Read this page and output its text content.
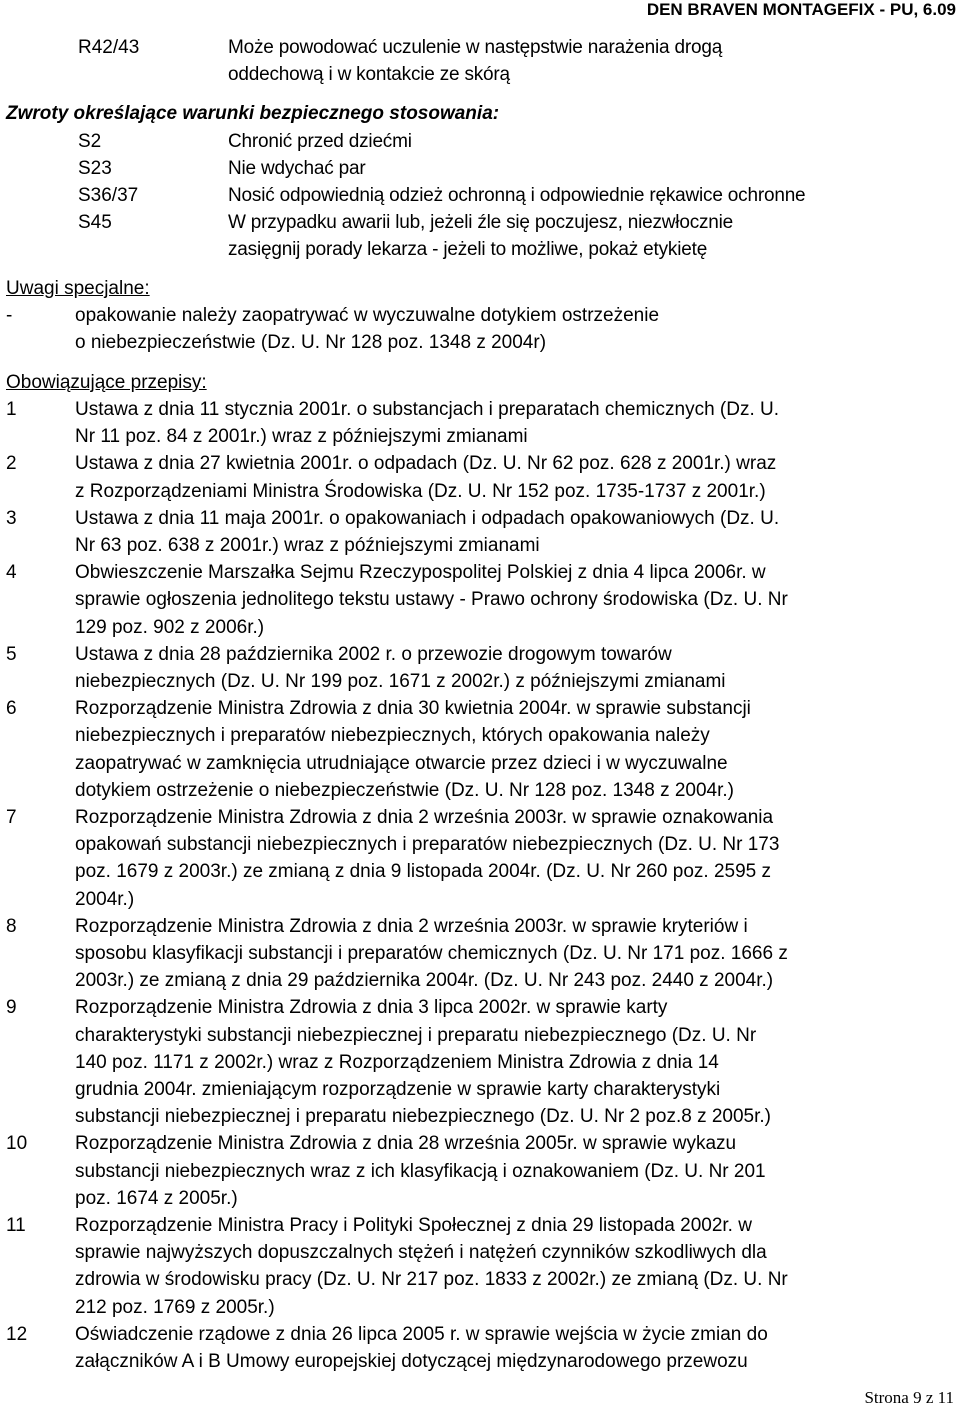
DEN BRAVEN MONTAGEFIX - PU, 6.09
R42/43	Może powodować uczulenie w następstwie narażenia drogą
oddechową i w kontakcie ze skórą
Zwroty określające warunki bezpiecznego stosowania:
S2	Chronić przed dziećmi
S23	Nie wdychać par
S36/37	Nosić odpowiednią odzież ochronną i odpowiednie rękawice ochronne
S45	W przypadku awarii lub, jeżeli źle się poczujesz, niezwłocznie
zasięgnij porady lekarza - jeżeli to możliwe, pokaż etykietę
Uwagi specjalne:
-	opakowanie należy zaopatrywać w wyczuwalne dotykiem ostrzeżenie
o niebezpieczeństwie (Dz. U. Nr 128 poz. 1348 z 2004r)
Obowiązujące przepisy:
1	Ustawa z dnia 11 stycznia 2001r. o substancjach i preparatach chemicznych (Dz. U.
Nr 11 poz. 84 z 2001r.) wraz z późniejszymi zmianami
2	Ustawa z dnia 27 kwietnia 2001r. o odpadach (Dz. U. Nr 62 poz. 628 z 2001r.) wraz
z Rozporządzeniami Ministra Środowiska (Dz. U. Nr 152 poz. 1735-1737 z 2001r.)
3	Ustawa z dnia 11 maja 2001r. o opakowaniach i odpadach opakowaniowych (Dz. U.
Nr 63 poz. 638 z 2001r.) wraz z późniejszymi zmianami
4	Obwieszczenie Marszałka Sejmu Rzeczypospolitej Polskiej z dnia 4 lipca 2006r. w
sprawie ogłoszenia jednolitego tekstu ustawy - Prawo ochrony środowiska (Dz. U. Nr
129 poz. 902 z 2006r.)
5	Ustawa z dnia 28 października 2002 r. o przewozie drogowym towarów
niebezpiecznych (Dz. U. Nr 199 poz. 1671 z 2002r.) z późniejszymi zmianami
6	Rozporządzenie Ministra Zdrowia z dnia 30 kwietnia 2004r. w sprawie substancji
niebezpiecznych i preparatów niebezpiecznych, których opakowania należy
zaopatrywać w zamknięcia utrudniające otwarcie przez dzieci i w wyczuwalne
dotykiem ostrzeżenie o niebezpieczeństwie (Dz. U. Nr 128 poz. 1348 z 2004r.)
7	Rozporządzenie Ministra Zdrowia z dnia 2 września 2003r. w sprawie oznakowania
opakowań substancji niebezpiecznych i preparatów niebezpiecznych (Dz. U. Nr 173
poz. 1679 z 2003r.) ze zmianą z dnia 9 listopada 2004r. (Dz. U. Nr 260 poz. 2595 z
2004r.)
8	Rozporządzenie Ministra Zdrowia z dnia 2 września 2003r. w sprawie kryteriów i
sposobu klasyfikacji substancji i preparatów chemicznych (Dz. U. Nr 171 poz. 1666 z
2003r.) ze zmianą z dnia 29 października 2004r. (Dz. U. Nr 243 poz. 2440 z 2004r.)
9	Rozporządzenie Ministra Zdrowia z dnia 3 lipca 2002r. w sprawie karty
charakterystyki substancji niebezpiecznej i preparatu niebezpiecznego (Dz. U. Nr
140 poz. 1171 z 2002r.) wraz z Rozporządzeniem Ministra Zdrowia z dnia 14
grudnia 2004r. zmieniającym rozporządzenie w sprawie karty charakterystyki
substancji niebezpiecznej i preparatu niebezpiecznego (Dz. U. Nr 2 poz.8 z 2005r.)
10	Rozporządzenie Ministra Zdrowia z dnia 28 września 2005r. w sprawie wykazu
substancji niebezpiecznych wraz z ich klasyfikacją i oznakowaniem (Dz. U. Nr 201
poz. 1674 z 2005r.)
11	Rozporządzenie Ministra Pracy i Polityki Społecznej z dnia 29 listopada 2002r. w
sprawie najwyższych dopuszczalnych stężeń i natężeń czynników szkodliwych dla
zdrowia w środowisku pracy (Dz. U. Nr 217 poz. 1833 z 2002r.) ze zmianą (Dz. U. Nr
212 poz. 1769 z 2005r.)
12	Oświadczenie rządowe z dnia 26 lipca 2005 r. w sprawie wejścia w życie zmian do
załączników A i B Umowy europejskiej dotyczącej międzynarodowego przewozu
Strona 9 z 11
